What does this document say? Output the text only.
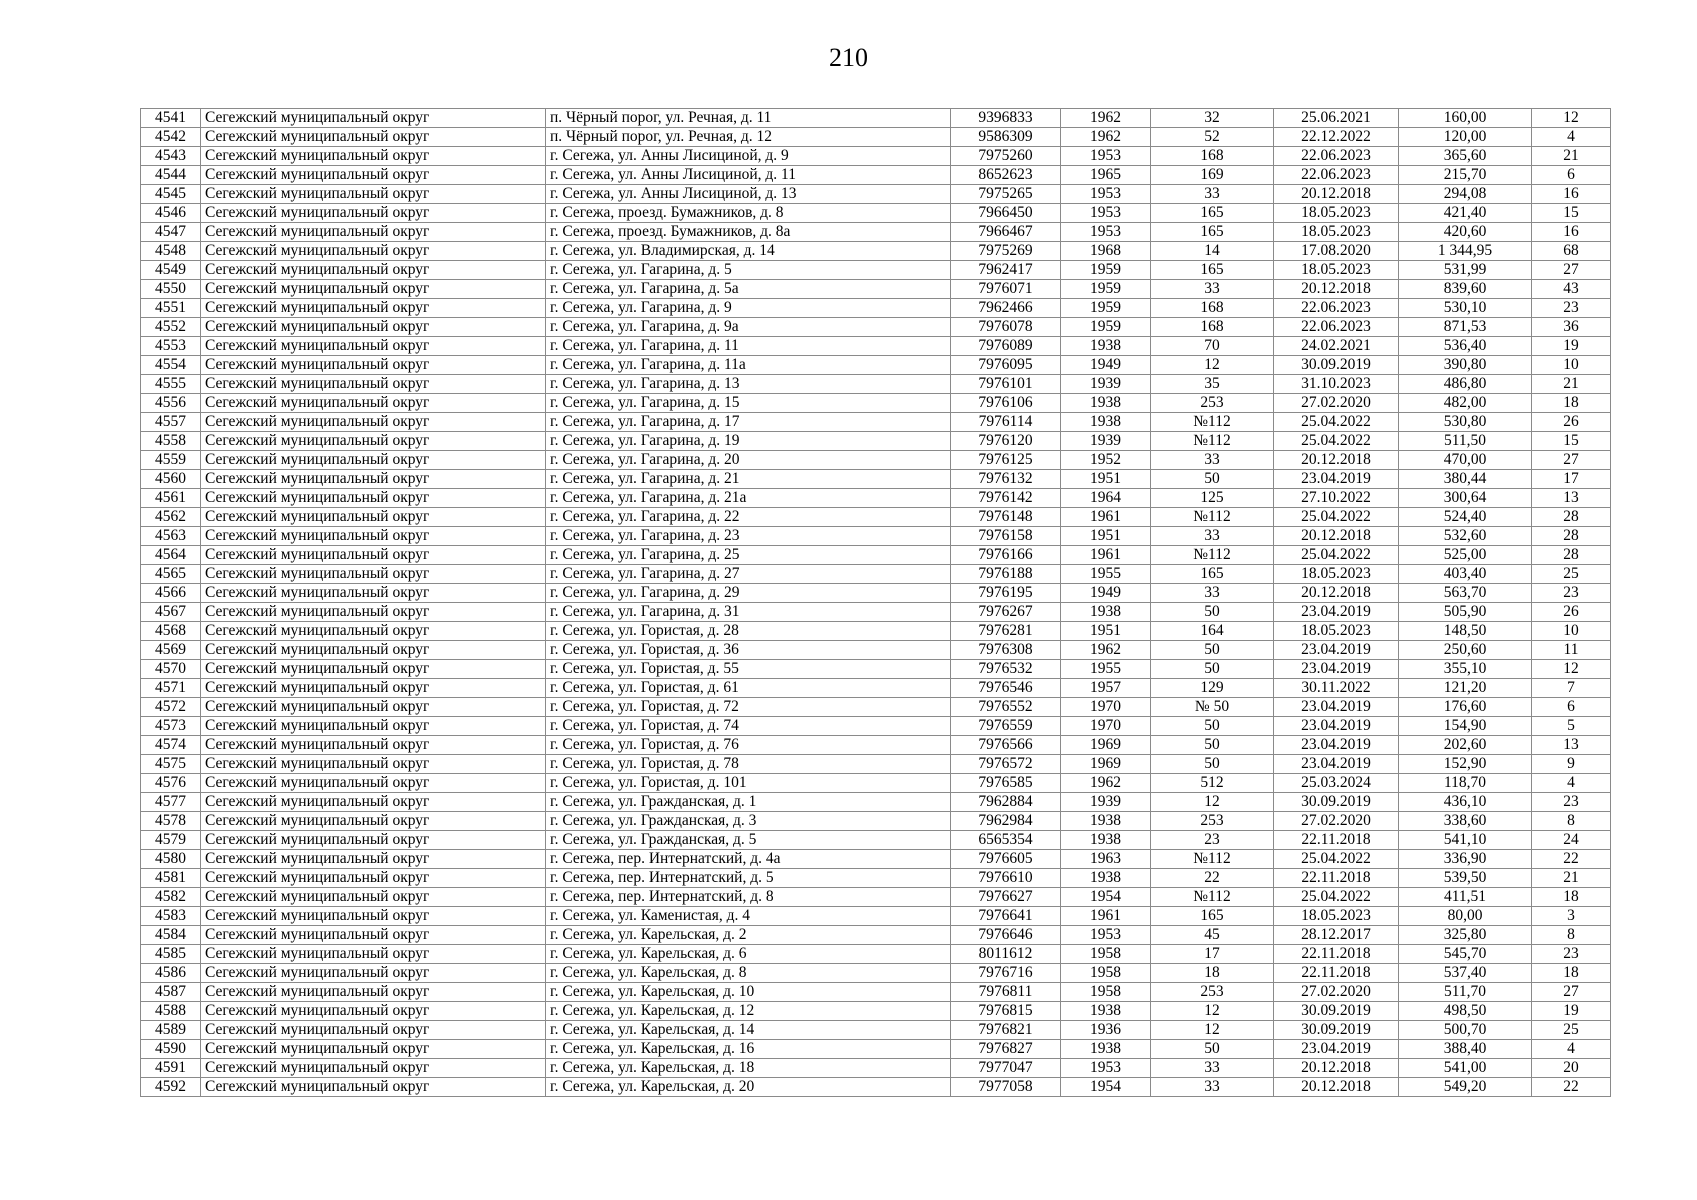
210
4541	Сегежский муниципальный округ	п. Чёрный порог, ул. Речная, д. 11	9396833	1962	32	25.06.2021	160,00	12
4542	Сегежский муниципальный округ	п. Чёрный порог, ул. Речная, д. 12	9586309	1962	52	22.12.2022	120,00	4
4543	Сегежский муниципальный округ	г. Сегежа, ул. Анны Лисициной, д. 9	7975260	1953	168	22.06.2023	365,60	21
4544	Сегежский муниципальный округ	г. Сегежа, ул. Анны Лисициной, д. 11	8652623	1965	169	22.06.2023	215,70	6
4545	Сегежский муниципальный округ	г. Сегежа, ул. Анны Лисициной, д. 13	7975265	1953	33	20.12.2018	294,08	16
4546	Сегежский муниципальный округ	г. Сегежа, проезд. Бумажников, д. 8	7966450	1953	165	18.05.2023	421,40	15
4547	Сегежский муниципальный округ	г. Сегежа, проезд. Бумажников, д. 8а	7966467	1953	165	18.05.2023	420,60	16
4548	Сегежский муниципальный округ	г. Сегежа, ул. Владимирская, д. 14	7975269	1968	14	17.08.2020	1 344,95	68
4549	Сегежский муниципальный округ	г. Сегежа, ул. Гагарина, д. 5	7962417	1959	165	18.05.2023	531,99	27
4550	Сегежский муниципальный округ	г. Сегежа, ул. Гагарина, д. 5а	7976071	1959	33	20.12.2018	839,60	43
4551	Сегежский муниципальный округ	г. Сегежа, ул. Гагарина, д. 9	7962466	1959	168	22.06.2023	530,10	23
4552	Сегежский муниципальный округ	г. Сегежа, ул. Гагарина, д. 9а	7976078	1959	168	22.06.2023	871,53	36
4553	Сегежский муниципальный округ	г. Сегежа, ул. Гагарина, д. 11	7976089	1938	70	24.02.2021	536,40	19
4554	Сегежский муниципальный округ	г. Сегежа, ул. Гагарина, д. 11а	7976095	1949	12	30.09.2019	390,80	10
4555	Сегежский муниципальный округ	г. Сегежа, ул. Гагарина, д. 13	7976101	1939	35	31.10.2023	486,80	21
4556	Сегежский муниципальный округ	г. Сегежа, ул. Гагарина, д. 15	7976106	1938	253	27.02.2020	482,00	18
4557	Сегежский муниципальный округ	г. Сегежа, ул. Гагарина, д. 17	7976114	1938	№112	25.04.2022	530,80	26
4558	Сегежский муниципальный округ	г. Сегежа, ул. Гагарина, д. 19	7976120	1939	№112	25.04.2022	511,50	15
4559	Сегежский муниципальный округ	г. Сегежа, ул. Гагарина, д. 20	7976125	1952	33	20.12.2018	470,00	27
4560	Сегежский муниципальный округ	г. Сегежа, ул. Гагарина, д. 21	7976132	1951	50	23.04.2019	380,44	17
4561	Сегежский муниципальный округ	г. Сегежа, ул. Гагарина, д. 21а	7976142	1964	125	27.10.2022	300,64	13
4562	Сегежский муниципальный округ	г. Сегежа, ул. Гагарина, д. 22	7976148	1961	№112	25.04.2022	524,40	28
4563	Сегежский муниципальный округ	г. Сегежа, ул. Гагарина, д. 23	7976158	1951	33	20.12.2018	532,60	28
4564	Сегежский муниципальный округ	г. Сегежа, ул. Гагарина, д. 25	7976166	1961	№112	25.04.2022	525,00	28
4565	Сегежский муниципальный округ	г. Сегежа, ул. Гагарина, д. 27	7976188	1955	165	18.05.2023	403,40	25
4566	Сегежский муниципальный округ	г. Сегежа, ул. Гагарина, д. 29	7976195	1949	33	20.12.2018	563,70	23
4567	Сегежский муниципальный округ	г. Сегежа, ул. Гагарина, д. 31	7976267	1938	50	23.04.2019	505,90	26
4568	Сегежский муниципальный округ	г. Сегежа, ул. Гористая, д. 28	7976281	1951	164	18.05.2023	148,50	10
4569	Сегежский муниципальный округ	г. Сегежа, ул. Гористая, д. 36	7976308	1962	50	23.04.2019	250,60	11
4570	Сегежский муниципальный округ	г. Сегежа, ул. Гористая, д. 55	7976532	1955	50	23.04.2019	355,10	12
4571	Сегежский муниципальный округ	г. Сегежа, ул. Гористая, д. 61	7976546	1957	129	30.11.2022	121,20	7
4572	Сегежский муниципальный округ	г. Сегежа, ул. Гористая, д. 72	7976552	1970	№ 50	23.04.2019	176,60	6
4573	Сегежский муниципальный округ	г. Сегежа, ул. Гористая, д. 74	7976559	1970	50	23.04.2019	154,90	5
4574	Сегежский муниципальный округ	г. Сегежа, ул. Гористая, д. 76	7976566	1969	50	23.04.2019	202,60	13
4575	Сегежский муниципальный округ	г. Сегежа, ул. Гористая, д. 78	7976572	1969	50	23.04.2019	152,90	9
4576	Сегежский муниципальный округ	г. Сегежа, ул. Гористая, д. 101	7976585	1962	512	25.03.2024	118,70	4
4577	Сегежский муниципальный округ	г. Сегежа, ул. Гражданская, д. 1	7962884	1939	12	30.09.2019	436,10	23
4578	Сегежский муниципальный округ	г. Сегежа, ул. Гражданская, д. 3	7962984	1938	253	27.02.2020	338,60	8
4579	Сегежский муниципальный округ	г. Сегежа, ул. Гражданская, д. 5	6565354	1938	23	22.11.2018	541,10	24
4580	Сегежский муниципальный округ	г. Сегежа, пер. Интернатский, д. 4а	7976605	1963	№112	25.04.2022	336,90	22
4581	Сегежский муниципальный округ	г. Сегежа, пер. Интернатский, д. 5	7976610	1938	22	22.11.2018	539,50	21
4582	Сегежский муниципальный округ	г. Сегежа, пер. Интернатский, д. 8	7976627	1954	№112	25.04.2022	411,51	18
4583	Сегежский муниципальный округ	г. Сегежа, ул. Каменистая, д. 4	7976641	1961	165	18.05.2023	80,00	3
4584	Сегежский муниципальный округ	г. Сегежа, ул. Карельская, д. 2	7976646	1953	45	28.12.2017	325,80	8
4585	Сегежский муниципальный округ	г. Сегежа, ул. Карельская, д. 6	8011612	1958	17	22.11.2018	545,70	23
4586	Сегежский муниципальный округ	г. Сегежа, ул. Карельская, д. 8	7976716	1958	18	22.11.2018	537,40	18
4587	Сегежский муниципальный округ	г. Сегежа, ул. Карельская, д. 10	7976811	1958	253	27.02.2020	511,70	27
4588	Сегежский муниципальный округ	г. Сегежа, ул. Карельская, д. 12	7976815	1938	12	30.09.2019	498,50	19
4589	Сегежский муниципальный округ	г. Сегежа, ул. Карельская, д. 14	7976821	1936	12	30.09.2019	500,70	25
4590	Сегежский муниципальный округ	г. Сегежа, ул. Карельская, д. 16	7976827	1938	50	23.04.2019	388,40	4
4591	Сегежский муниципальный округ	г. Сегежа, ул. Карельская, д. 18	7977047	1953	33	20.12.2018	541,00	20
4592	Сегежский муниципальный округ	г. Сегежа, ул. Карельская, д. 20	7977058	1954	33	20.12.2018	549,20	22
